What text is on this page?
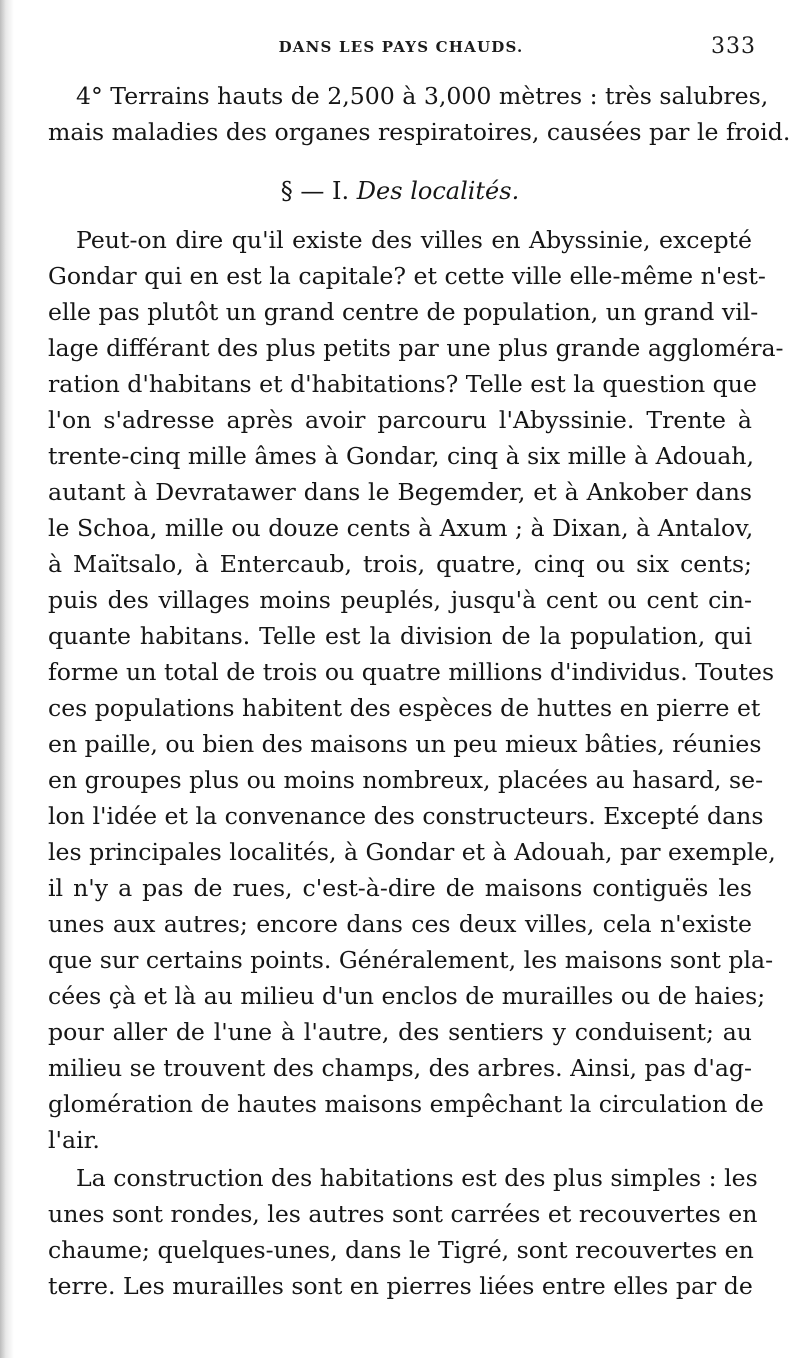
DANS LES PAYS CHAUDS.	333
4° Terrains hauts de 2,500 à 3,000 mètres : très salubres,
mais maladies des organes respiratoires, causées par le froid.
§ — I. Des localités.
Peut-on dire qu'il existe des villes en Abyssinie, excepté
Gondar qui en est la capitale? et cette ville elle-même n'est-
elle pas plutôt un grand centre de population, un grand vil-
lage différant des plus petits par une plus grande aggloméra-
ration d'habitans et d'habitations? Telle est la question que
l'on s'adresse après avoir parcouru l'Abyssinie. Trente à
trente-cinq mille âmes à Gondar, cinq à six mille à Adouah,
autant à Devratawer dans le Begemder, et à Ankober dans
le Schoa, mille ou douze cents à Axum ; à Dixan, à Antalov,
à Maïtsalo, à Entercaub, trois, quatre, cinq ou six cents;
puis des villages moins peuplés, jusqu'à cent ou cent cin-
quante habitans. Telle est la division de la population, qui
forme un total de trois ou quatre millions d'individus. Toutes
ces populations habitent des espèces de huttes en pierre et
en paille, ou bien des maisons un peu mieux bâties, réunies
en groupes plus ou moins nombreux, placées au hasard, se-
lon l'idée et la convenance des constructeurs. Excepté dans
les principales localités, à Gondar et à Adouah, par exemple,
il n'y a pas de rues, c'est-à-dire de maisons contiguës les
unes aux autres; encore dans ces deux villes, cela n'existe
que sur certains points. Généralement, les maisons sont pla-
cées çà et là au milieu d'un enclos de murailles ou de haies;
pour aller de l'une à l'autre, des sentiers y conduisent; au
milieu se trouvent des champs, des arbres. Ainsi, pas d'ag-
glomération de hautes maisons empêchant la circulation de
l'air.
La construction des habitations est des plus simples : les
unes sont rondes, les autres sont carrées et recouvertes en
chaume; quelques-unes, dans le Tigré, sont recouvertes en
terre. Les murailles sont en pierres liées entre elles par de
